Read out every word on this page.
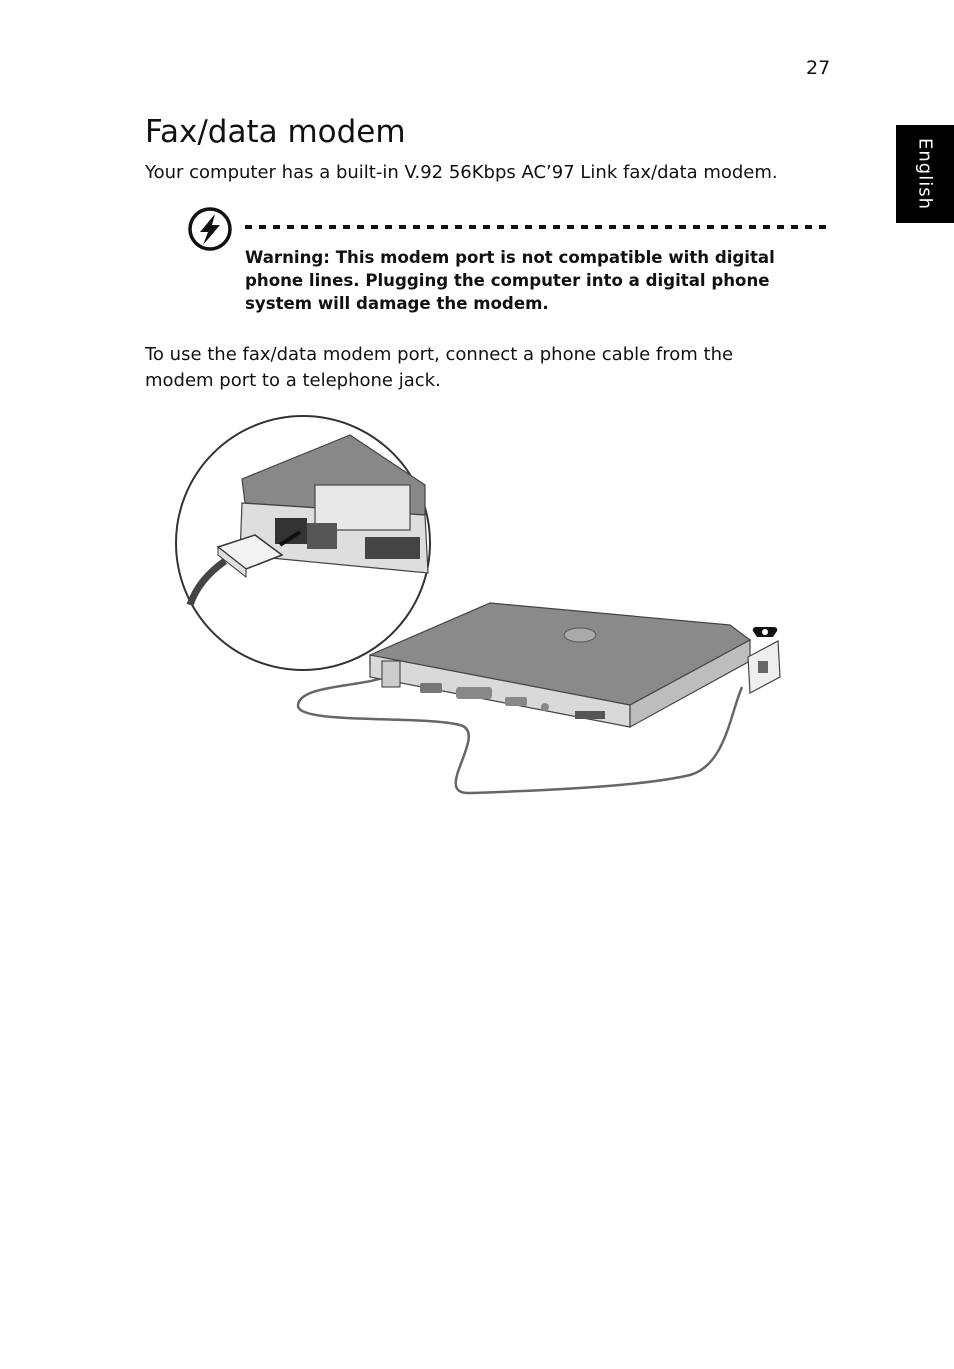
27
English
Fax/data modem

Your computer has a built-in V.92 56Kbps AC’97 Link fax/data modem.

Warning: This modem port is not compatible with digital phone lines. Plugging the computer into a digital phone system will damage the modem.

To use the fax/data modem port, connect a phone cable from the modem port to a telephone jack.
